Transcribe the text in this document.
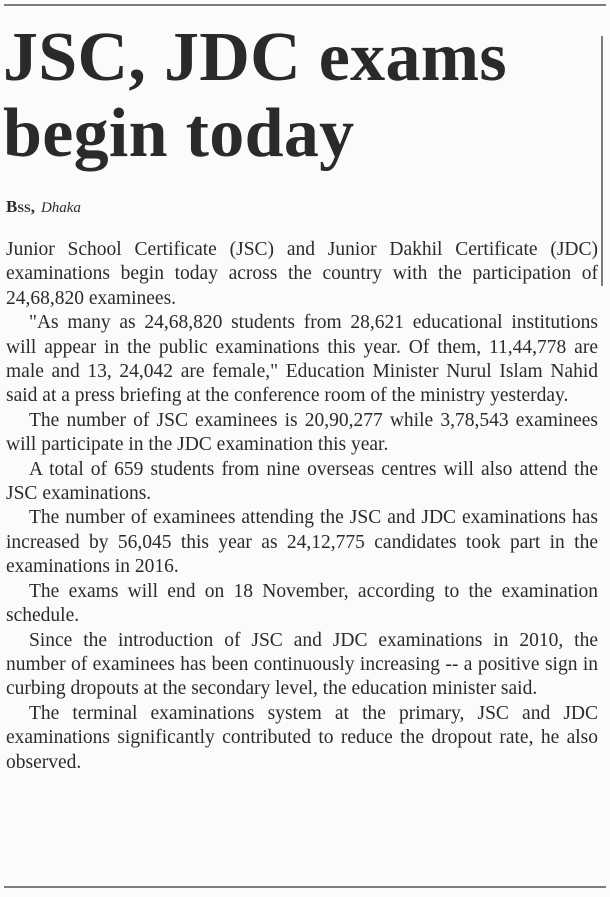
JSC, JDC exams begin today
Bss, Dhaka

Junior School Certificate (JSC) and Junior Dakhil Certificate (JDC) examinations begin today across the country with the participation of 24,68,820 examinees.

"As many as 24,68,820 students from 28,621 educational institutions will appear in the public examinations this year. Of them, 11,44,778 are male and 13, 24,042 are female," Education Minister Nurul Islam Nahid said at a press briefing at the conference room of the ministry yesterday.

The number of JSC examinees is 20,90,277 while 3,78,543 examinees will participate in the JDC examination this year.

A total of 659 students from nine overseas centres will also attend the JSC examinations.

The number of examinees attending the JSC and JDC examinations has increased by 56,045 this year as 24,12,775 candidates took part in the examinations in 2016.

The exams will end on 18 November, according to the examination schedule.

Since the introduction of JSC and JDC examinations in 2010, the number of examinees has been continuously increasing -- a positive sign in curbing dropouts at the secondary level, the education minister said.

The terminal examinations system at the primary, JSC and JDC examinations significantly contributed to reduce the dropout rate, he also observed.
